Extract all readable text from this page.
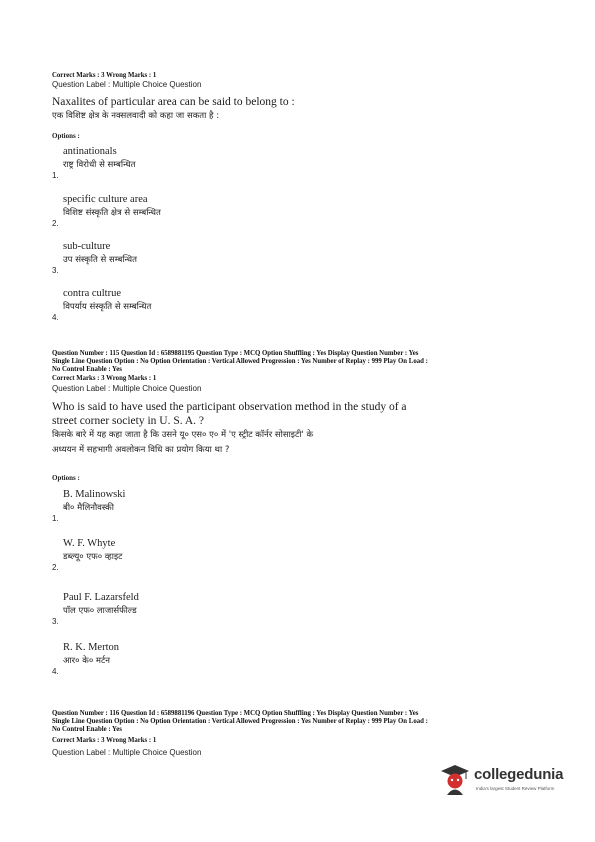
Correct Marks : 3 Wrong Marks : 1
Question Label : Multiple Choice Question
Naxalites of particular area can be said to belong to :
एक विशिष्ट क्षेत्र के नक्सलवादी को कहा जा सकता है :
Options :
1.
antinationals
राष्ट्र विरोधी से सम्बन्धित
2.
specific culture area
विशिष्ट संस्कृति क्षेत्र से सम्बन्धित
3.
sub-culture
उप संस्कृति से सम्बन्धित
4.
contra cultrue
विपर्याय संस्कृति से सम्बन्धित
Question Number : 115 Question Id : 6589881195 Question Type : MCQ Option Shuffling : Yes Display Question Number : Yes
Single Line Question Option : No Option Orientation : Vertical Allowed Progression : Yes Number of Replay : 999 Play On Load :
No Control Enable : Yes
Correct Marks : 3 Wrong Marks : 1
Question Label : Multiple Choice Question
Who is said to have used the participant observation method in the study of a
street corner society in U. S. A. ?
किसके बारे में यह कहा जाता है कि उसने यू० एस० ए० में 'ए स्ट्रीट कॉर्नर सोसाइटी' के
अध्ययन में सहभागी अवलोकन विधि का प्रयोग किया था ?
Options :
1.
B. Malinowski
बी० मैलिनौवस्की
2.
W. F. Whyte
डब्ल्यू० एफ० व्हाइट
3.
Paul F. Lazarsfeld
पॉल एफ० लाजार्सफील्ड
4.
R. K. Merton
आर० के० मर्टन
Question Number : 116 Question Id : 6589881196 Question Type : MCQ Option Shuffling : Yes Display Question Number : Yes
Single Line Question Option : No Option Orientation : Vertical Allowed Progression : Yes Number of Replay : 999 Play On Load :
No Control Enable : Yes
Correct Marks : 3 Wrong Marks : 1
Question Label : Multiple Choice Question
collegedunia
India's largest Student Review Platform
